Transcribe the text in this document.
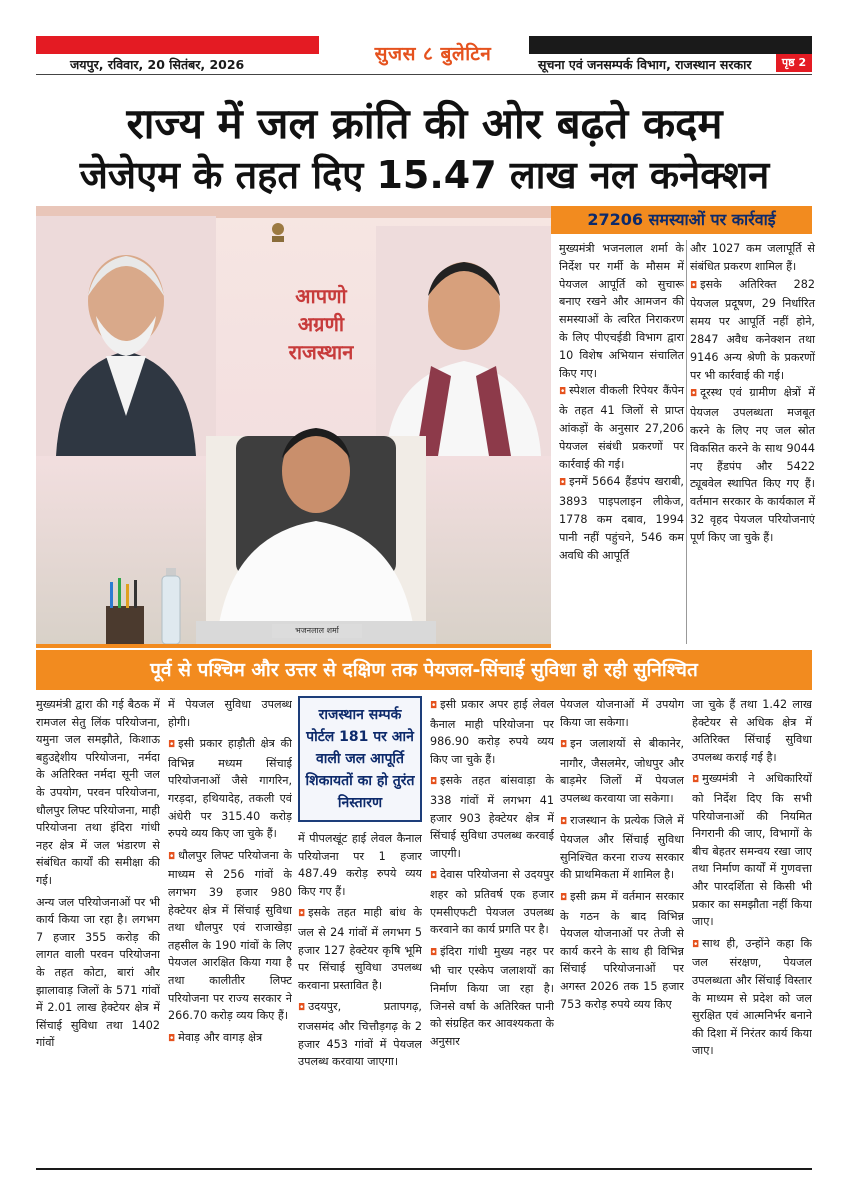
सुजस ८ बुलेटिन
जयपुर, रविवार, 20 सितंबर, 2026	सूचना एवं जनसम्पर्क विभाग, राजस्थान सरकार	पृष्ठ 2
राज्य में जल क्रांति की ओर बढ़ते कदम
जेजेएम के तहत दिए 15.47 लाख नल कनेक्शन
आपणो
अग्रणी
राजस्थान
भजनलाल शर्मा
27206 समस्याओं पर कार्रवाई

मुख्यमंत्री भजनलाल शर्मा के निर्देश पर गर्मी के मौसम में पेयजल आपूर्ति को सुचारू बनाए रखने और आमजन की समस्याओं के त्वरित निराकरण के लिए पीएचईडी विभाग द्वारा 10 विशेष अभियान संचालित किए गए।

◘ स्पेशल वीकली रिपेयर कैंपेन के तहत 41 जिलों से प्राप्त आंकड़ों के अनुसार 27,206 पेयजल संबंधी प्रकरणों पर कार्रवाई की गई।

◘ इनमें 5664 हैंडपंप खराबी, 3893 पाइपलाइन लीकेज, 1778 कम दबाव, 1994 पानी नहीं पहुंचने, 546 कम अवधि की आपूर्ति

और 1027 कम जलापूर्ति से संबंधित प्रकरण शामिल हैं।

◘ इसके अतिरिक्त 282 पेयजल प्रदूषण, 29 निर्धारित समय पर आपूर्ति नहीं होने, 2847 अवैध कनेक्शन तथा 9146 अन्य श्रेणी के प्रकरणों पर भी कार्रवाई की गई।

◘ दूरस्थ एवं ग्रामीण क्षेत्रों में पेयजल उपलब्धता मजबूत करने के लिए नए जल स्रोत विकसित करने के साथ 9044 नए हैंडपंप और 5422 ट्यूबवेल स्थापित किए गए हैं। वर्तमान सरकार के कार्यकाल में 32 वृहद पेयजल परियोजनाएं पूर्ण किए जा चुके हैं।

पूर्व से पश्चिम और उत्तर से दक्षिण तक पेयजल-सिंचाई सुविधा हो रही सुनिश्चित

मुख्यमंत्री द्वारा की गई बैठक में रामजल सेतु लिंक परियोजना, यमुना जल समझौते, किशाऊ बहुउद्देशीय परियोजना, नर्मदा के अतिरिक्त नर्मदा सूनी जल के उपयोग, परवन परियोजना, धौलपुर लिफ्ट परियोजना, माही परियोजना तथा इंदिरा गांधी नहर क्षेत्र में जल भंडारण से संबंधित कार्यों की समीक्षा की गई।

अन्य जल परियोजनाओं पर भी कार्य किया जा रहा है। लगभग 7 हजार 355 करोड़ की लागत वाली परवन परियोजना के तहत कोटा, बारां और झालावाड़ जिलों के 571 गांवों में 2.01 लाख हेक्टेयर क्षेत्र में सिंचाई सुविधा तथा 1402 गांवों

में पेयजल सुविधा उपलब्ध होगी।

◘ इसी प्रकार हाड़ौती क्षेत्र की विभिन्न मध्यम सिंचाई परियोजनाओं जैसे गागरिन, गरड़दा, हथियादेह, तकली एवं अंधेरी पर 315.40 करोड़ रुपये व्यय किए जा चुके हैं।

◘ धौलपुर लिफ्ट परियोजना के माध्यम से 256 गांवों के लगभग 39 हजार 980 हेक्टेयर क्षेत्र में सिंचाई सुविधा तथा धौलपुर एवं राजाखेड़ा तहसील के 190 गांवों के लिए पेयजल आरक्षित किया गया है तथा कालीतीर लिफ्ट परियोजना पर राज्य सरकार ने 266.70 करोड़ व्यय किए हैं।

◘ मेवाड़ और वागड़ क्षेत्र

राजस्थान सम्पर्क पोर्टल 181 पर आने वाली जल आपूर्ति शिकायतों का हो तुरंत निस्तारण

में पीपलखूंट हाई लेवल कैनाल परियोजना पर 1 हजार 487.49 करोड़ रुपये व्यय किए गए हैं।

◘ इसके तहत माही बांध के जल से 24 गांवों में लगभग 5 हजार 127 हेक्टेयर कृषि भूमि पर सिंचाई सुविधा उपलब्ध करवाना प्रस्तावित है।

◘ उदयपुर, प्रतापगढ़, राजसमंद और चित्तौड़गढ़ के 2 हजार 453 गांवों में पेयजल उपलब्ध करवाया जाएगा।

◘ इसी प्रकार अपर हाई लेवल कैनाल माही परियोजना पर 986.90 करोड़ रुपये व्यय किए जा चुके हैं।

◘ इसके तहत बांसवाड़ा के 338 गांवों में लगभग 41 हजार 903 हेक्टेयर क्षेत्र में सिंचाई सुविधा उपलब्ध करवाई जाएगी।

◘ देवास परियोजना से उदयपुर शहर को प्रतिवर्ष एक हजार एमसीएफटी पेयजल उपलब्ध करवाने का कार्य प्रगति पर है।

◘ इंदिरा गांधी मुख्य नहर पर भी चार एस्केप जलाशयों का निर्माण किया जा रहा है। जिनसे वर्षा के अतिरिक्त पानी को संग्रहित कर आवश्यकता के अनुसार

पेयजल योजनाओं में उपयोग किया जा सकेगा।

◘ इन जलाशयों से बीकानेर, नागौर, जैसलमेर, जोधपुर और बाड़मेर जिलों में पेयजल उपलब्ध करवाया जा सकेगा।

◘ राजस्थान के प्रत्येक जिले में पेयजल और सिंचाई सुविधा सुनिश्चित करना राज्य सरकार की प्राथमिकता में शामिल है।

◘ इसी क्रम में वर्तमान सरकार के गठन के बाद विभिन्न पेयजल योजनाओं पर तेजी से कार्य करने के साथ ही विभिन्न सिंचाई परियोजनाओं पर अगस्त 2026 तक 15 हजार 753 करोड़ रुपये व्यय किए

जा चुके हैं तथा 1.42 लाख हेक्टेयर से अधिक क्षेत्र में अतिरिक्त सिंचाई सुविधा उपलब्ध कराई गई है।

◘ मुख्यमंत्री ने अधिकारियों को निर्देश दिए कि सभी परियोजनाओं की नियमित निगरानी की जाए, विभागों के बीच बेहतर समन्वय रखा जाए तथा निर्माण कार्यों में गुणवत्ता और पारदर्शिता से किसी भी प्रकार का समझौता नहीं किया जाए।

◘ साथ ही, उन्होंने कहा कि जल संरक्षण, पेयजल उपलब्धता और सिंचाई विस्तार के माध्यम से प्रदेश को जल सुरक्षित एवं आत्मनिर्भर बनाने की दिशा में निरंतर कार्य किया जाए।
